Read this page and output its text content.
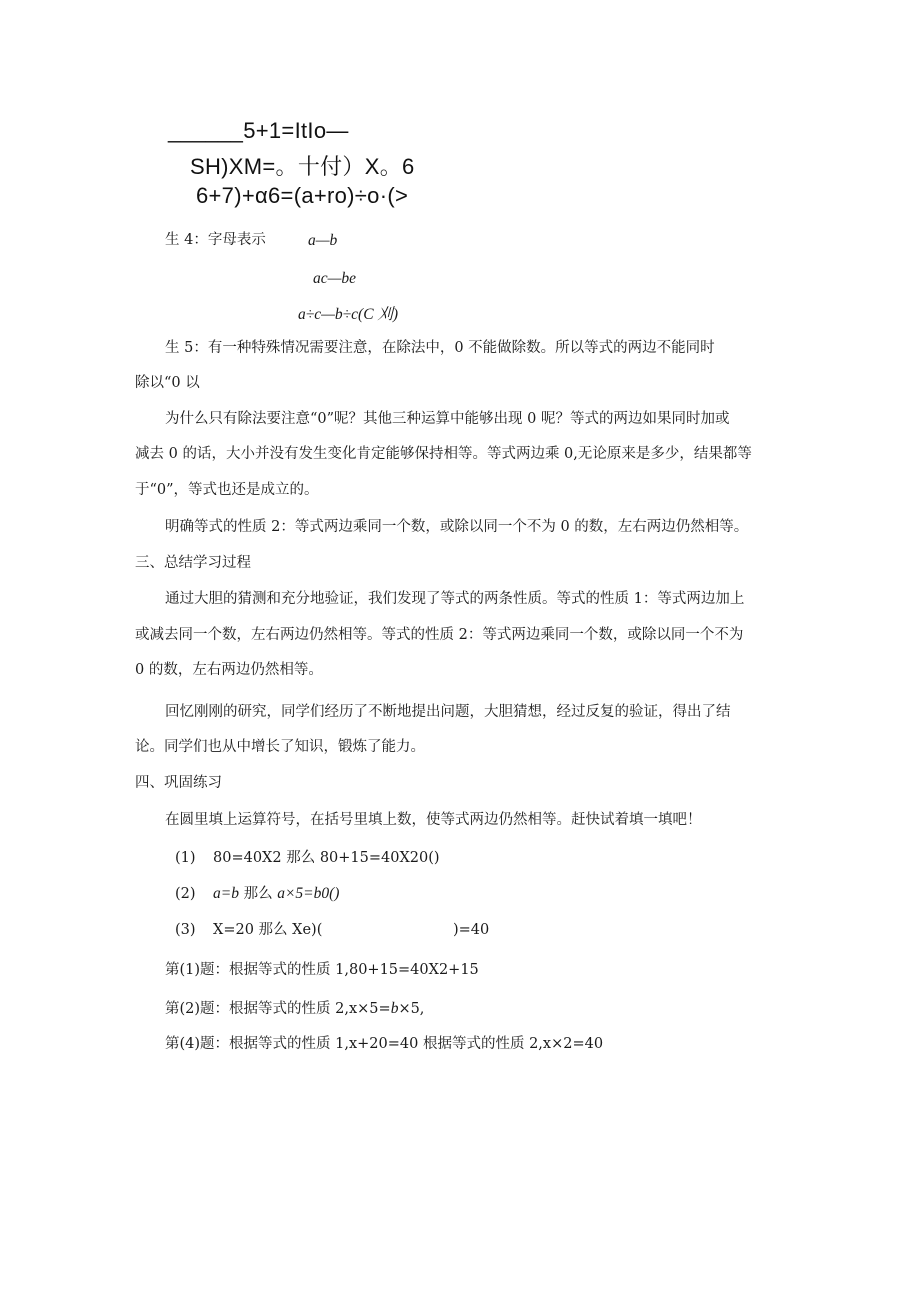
______5+1=ItIo—
SH)XM=。十付）X。6
6+7)+α6=(a+ro)÷o·(>
生 4：字母表示	a—b
ac—be
a÷c—b÷c(C 刈)
生 5：有一种特殊情况需要注意，在除法中，0 不能做除数。所以等式的两边不能同时
除以“0 以
为什么只有除法要注意“0”呢？其他三种运算中能够出现 0 呢？等式的两边如果同时加或
减去 0 的话，大小并没有发生变化肯定能够保持相等。等式两边乘 0,无论原来是多少，结果都等
于“0”，等式也还是成立的。
明确等式的性质 2：等式两边乘同一个数，或除以同一个不为 0 的数，左右两边仍然相等。
三、总结学习过程
通过大胆的猜测和充分地验证，我们发现了等式的两条性质。等式的性质 1：等式两边加上
或减去同一个数，左右两边仍然相等。等式的性质 2：等式两边乘同一个数，或除以同一个不为
0 的数，左右两边仍然相等。
回忆刚刚的研究，同学们经历了不断地提出问题，大胆猜想，经过反复的验证，得出了结
论。同学们也从中增长了知识，锻炼了能力。
四、巩固练习
在圆里填上运算符号，在括号里填上数，使等式两边仍然相等。赶快试着填一填吧！
(1) 80=40X2 那么 80+15=40X20()
(2) a=b 那么 a×5=b0()
(3) X=20 那么 Xe)(	)=40
第(1)题：根据等式的性质 1,80+15=40X2+15
第(2)题：根据等式的性质 2,x×5=b×5,
第(4)题：根据等式的性质 1,x+20=40 根据等式的性质 2,x×2=40
